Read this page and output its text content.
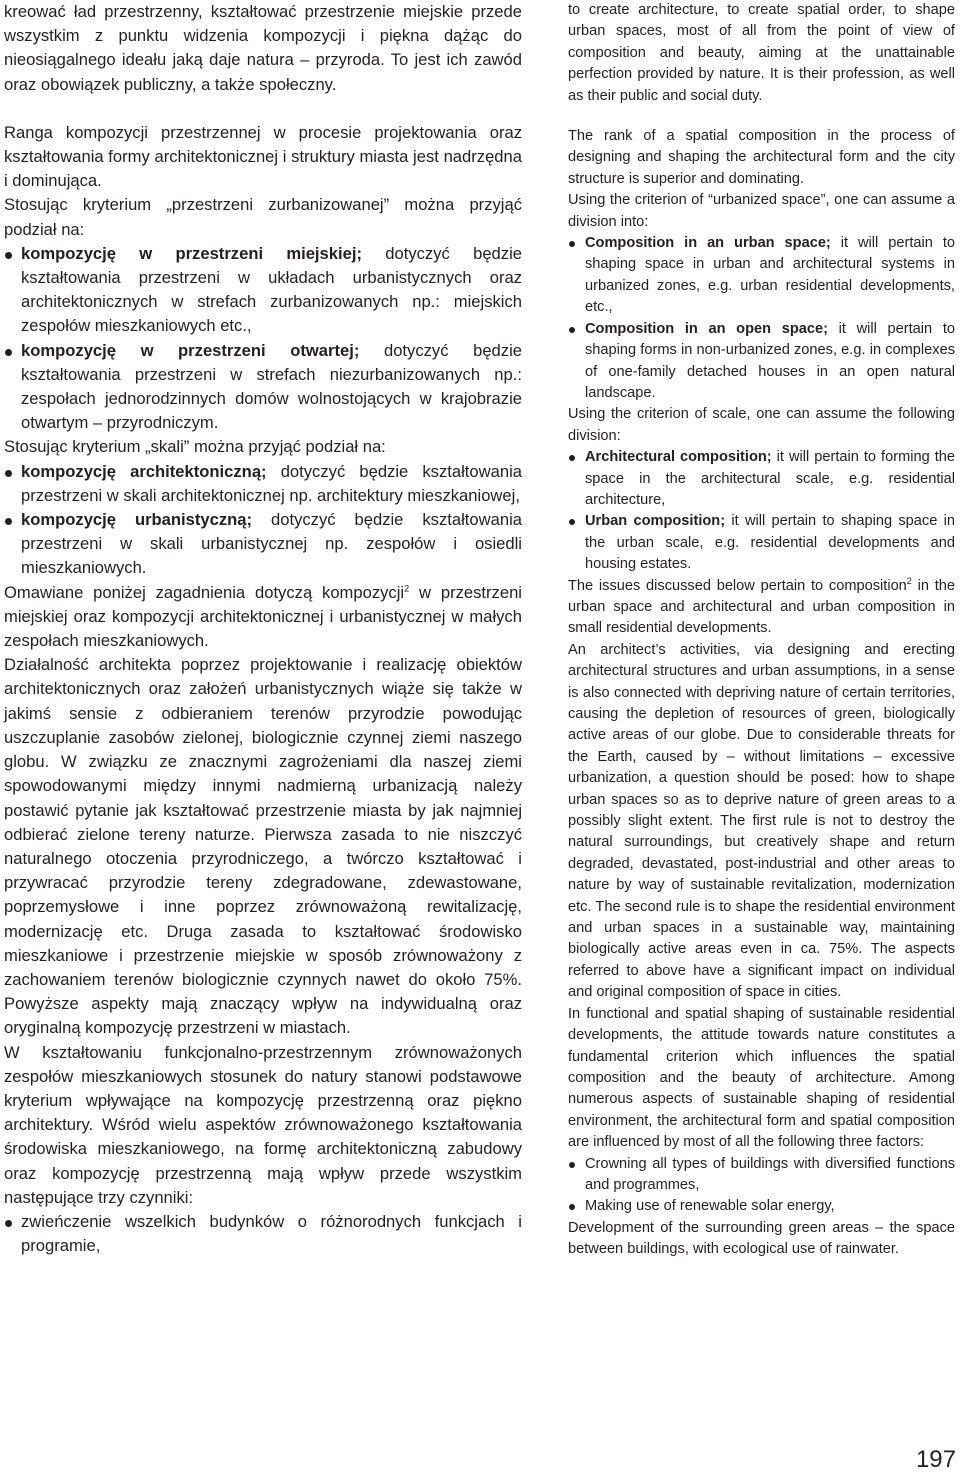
kreować ład przestrzenny, kształtować przestrzenie miejskie przede wszystkim z punktu widzenia kompozycji i piękna dążąc do nieosiągalnego ideału jaką daje natura – przyroda. To jest ich zawód oraz obowiązek publiczny, a także społeczny.

Ranga kompozycji przestrzennej w procesie projektowania oraz kształtowania formy architektonicznej i struktury miasta jest nadrzędna i dominująca.

Stosując kryterium „przestrzeni zurbanizowanej” można przyjąć podział na:

kompozycję w przestrzeni miejskiej; dotyczyć będzie kształtowania przestrzeni w układach urbanistycznych oraz architektonicznych w strefach zurbanizowanych np.: miejskich zespołów mieszkaniowych etc.,

kompozycję w przestrzeni otwartej; dotyczyć będzie kształtowania przestrzeni w strefach niezurbanizowanych np.: zespołach jednorodzinnych domów wolnostojących w krajobrazie otwartym – przyrodniczym.

Stosując kryterium „skali” można przyjąć podział na:

kompozycję architektoniczną; dotyczyć będzie kształtowania przestrzeni w skali architektonicznej np. architektury mieszkaniowej,

kompozycję urbanistyczną; dotyczyć będzie kształtowania przestrzeni w skali urbanistycznej np. zespołów i osiedli mieszkaniowych.

Omawiane poniżej zagadnienia dotyczą kompozycji$^2$ w przestrzeni miejskiej oraz kompozycji architektonicznej i urbanistycznej w małych zespołach mieszkaniowych.

Działalność architekta poprzez projektowanie i realizację obiektów architektonicznych oraz założeń urbanistycznych wiąże się także w jakimś sensie z odbieraniem terenów przyrodzie powodując uszczuplanie zasobów zielonej, biologicznie czynnej ziemi naszego globu. W związku ze znacznymi zagrożeniami dla naszej ziemi spowodowanymi między innymi nadmierną urbanizacją należy postawić pytanie jak kształtować przestrzenie miasta by jak najmniej odbierać zielone tereny naturze. Pierwsza zasada to nie niszczyć naturalnego otoczenia przyrodniczego, a twórczo kształtować i przywracać przyrodzie tereny zdegradowane, zdewastowane, poprzemysłowe i inne poprzez zrównoważoną rewitalizację, modernizację etc. Druga zasada to kształtować środowisko mieszkaniowe i przestrzenie miejskie w sposób zrównoważony z zachowaniem terenów biologicznie czynnych nawet do około 75%. Powyższe aspekty mają znaczący wpływ na indywidualną oraz oryginalną kompozycję przestrzeni w miastach.

W kształtowaniu funkcjonalno-przestrzennym zrównoważonych zespołów mieszkaniowych stosunek do natury stanowi podstawowe kryterium wpływające na kompozycję przestrzenną oraz piękno architektury. Wśród wielu aspektów zrównoważonego kształtowania środowiska mieszkaniowego, na formę architektoniczną zabudowy oraz kompozycję przestrzenną mają wpływ przede wszystkim następujące trzy czynniki:

zwieńczenie wszelkich budynków o różnorodnych funkcjach i programie,

to create architecture, to create spatial order, to shape urban spaces, most of all from the point of view of composition and beauty, aiming at the unattainable perfection provided by nature. It is their profession, as well as their public and social duty.

The rank of a spatial composition in the process of designing and shaping the architectural form and the city structure is superior and dominating.

Using the criterion of “urbanized space”, one can assume a division into:

Composition in an urban space; it will pertain to shaping space in urban and architectural systems in urbanized zones, e.g. urban residential developments, etc.,

Composition in an open space; it will pertain to shaping forms in non-urbanized zones, e.g. in complexes of one-family detached houses in an open natural landscape.

Using the criterion of scale, one can assume the following division:

Architectural composition; it will pertain to forming the space in the architectural scale, e.g. residential architecture,

Urban composition; it will pertain to shaping space in the urban scale, e.g. residential developments and housing estates.

The issues discussed below pertain to composition$^2$ in the urban space and architectural and urban composition in small residential developments.

An architect’s activities, via designing and erecting architectural structures and urban assumptions, in a sense is also connected with depriving nature of certain territories, causing the depletion of resources of green, biologically active areas of our globe. Due to considerable threats for the Earth, caused by – without limitations – excessive urbanization, a question should be posed: how to shape urban spaces so as to deprive nature of green areas to a possibly slight extent. The first rule is not to destroy the natural surroundings, but creatively shape and return degraded, devastated, post-industrial and other areas to nature by way of sustainable revitalization, modernization etc. The second rule is to shape the residential environment and urban spaces in a sustainable way, maintaining biologically active areas even in ca. 75%. The aspects referred to above have a significant impact on individual and original composition of space in cities.

In functional and spatial shaping of sustainable residential developments, the attitude towards nature constitutes a fundamental criterion which influences the spatial composition and the beauty of architecture. Among numerous aspects of sustainable shaping of residential environment, the architectural form and spatial composition are influenced by most of all the following three factors:

Crowning all types of buildings with diversified functions and programmes,

Making use of renewable solar energy,

Development of the surrounding green areas – the space between buildings, with ecological use of rainwater.

197
